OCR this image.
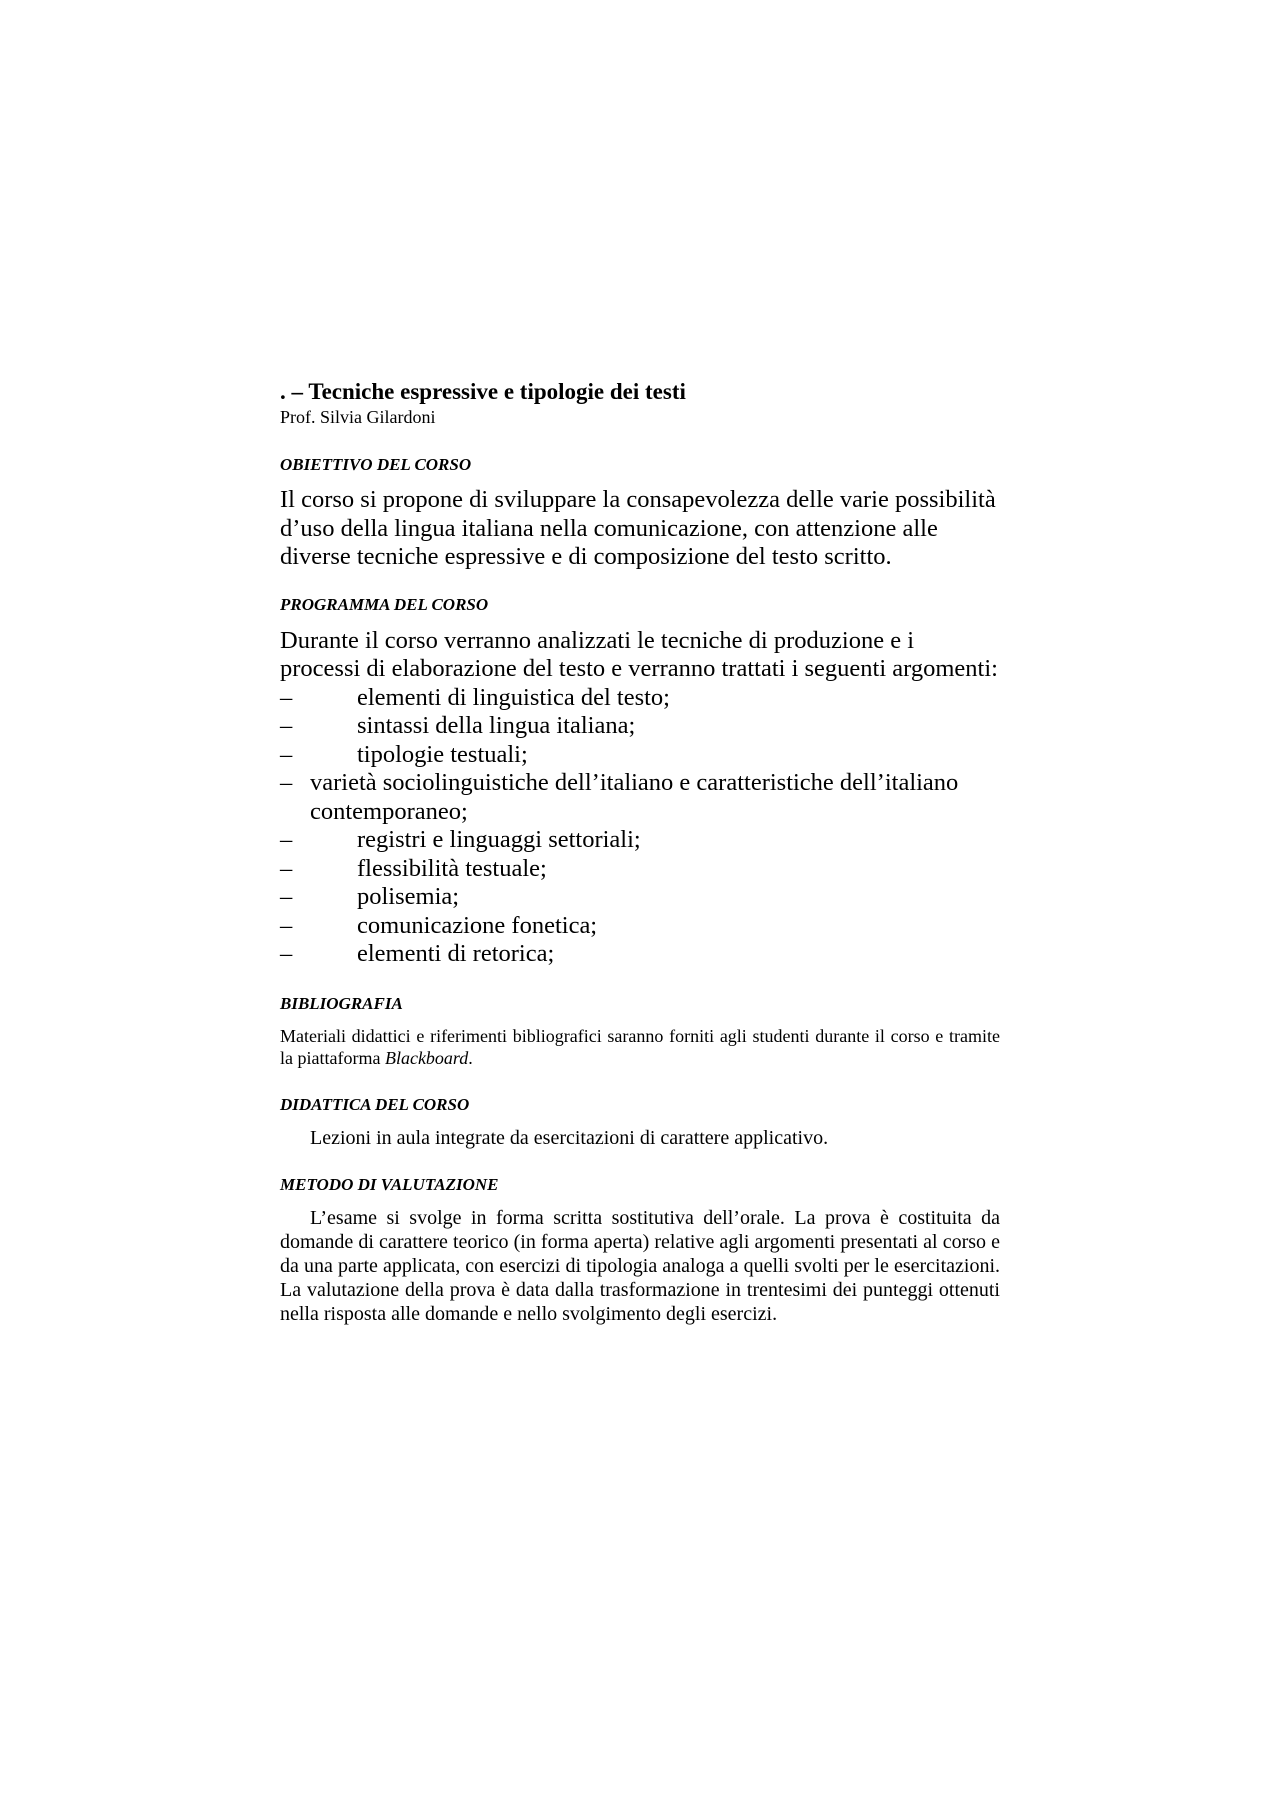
. – Tecniche espressive e tipologie dei testi

Prof. Silvia Gilardoni

OBIETTIVO DEL CORSO

Il corso si propone di sviluppare la consapevolezza delle varie possibilità d’uso della lingua italiana nella comunicazione, con attenzione alle diverse tecniche espressive e di composizione del testo scritto.

PROGRAMMA DEL CORSO

Durante il corso verranno analizzati le tecniche di produzione e i processi di elaborazione del testo e verranno trattati i seguenti argomenti:

–	elementi di linguistica del testo;
–	sintassi della lingua italiana;
–	tipologie testuali;
– varietà sociolinguistiche dell’italiano e caratteristiche dell’italiano contemporaneo;
–	registri e linguaggi settoriali;
–	flessibilità testuale;
–	polisemia;
–	comunicazione fonetica;
–	elementi di retorica;
BIBLIOGRAFIA

Materiali didattici e riferimenti bibliografici saranno forniti agli studenti durante il corso e tramite la piattaforma Blackboard.

DIDATTICA DEL CORSO

Lezioni in aula integrate da esercitazioni di carattere applicativo.

METODO DI VALUTAZIONE

L’esame si svolge in forma scritta sostitutiva dell’orale. La prova è costituita da domande di carattere teorico (in forma aperta) relative agli argomenti presentati al corso e da una parte applicata, con esercizi di tipologia analoga a quelli svolti per le esercitazioni. La valutazione della prova è data dalla trasformazione in trentesimi dei punteggi ottenuti nella risposta alle domande e nello svolgimento degli esercizi.
